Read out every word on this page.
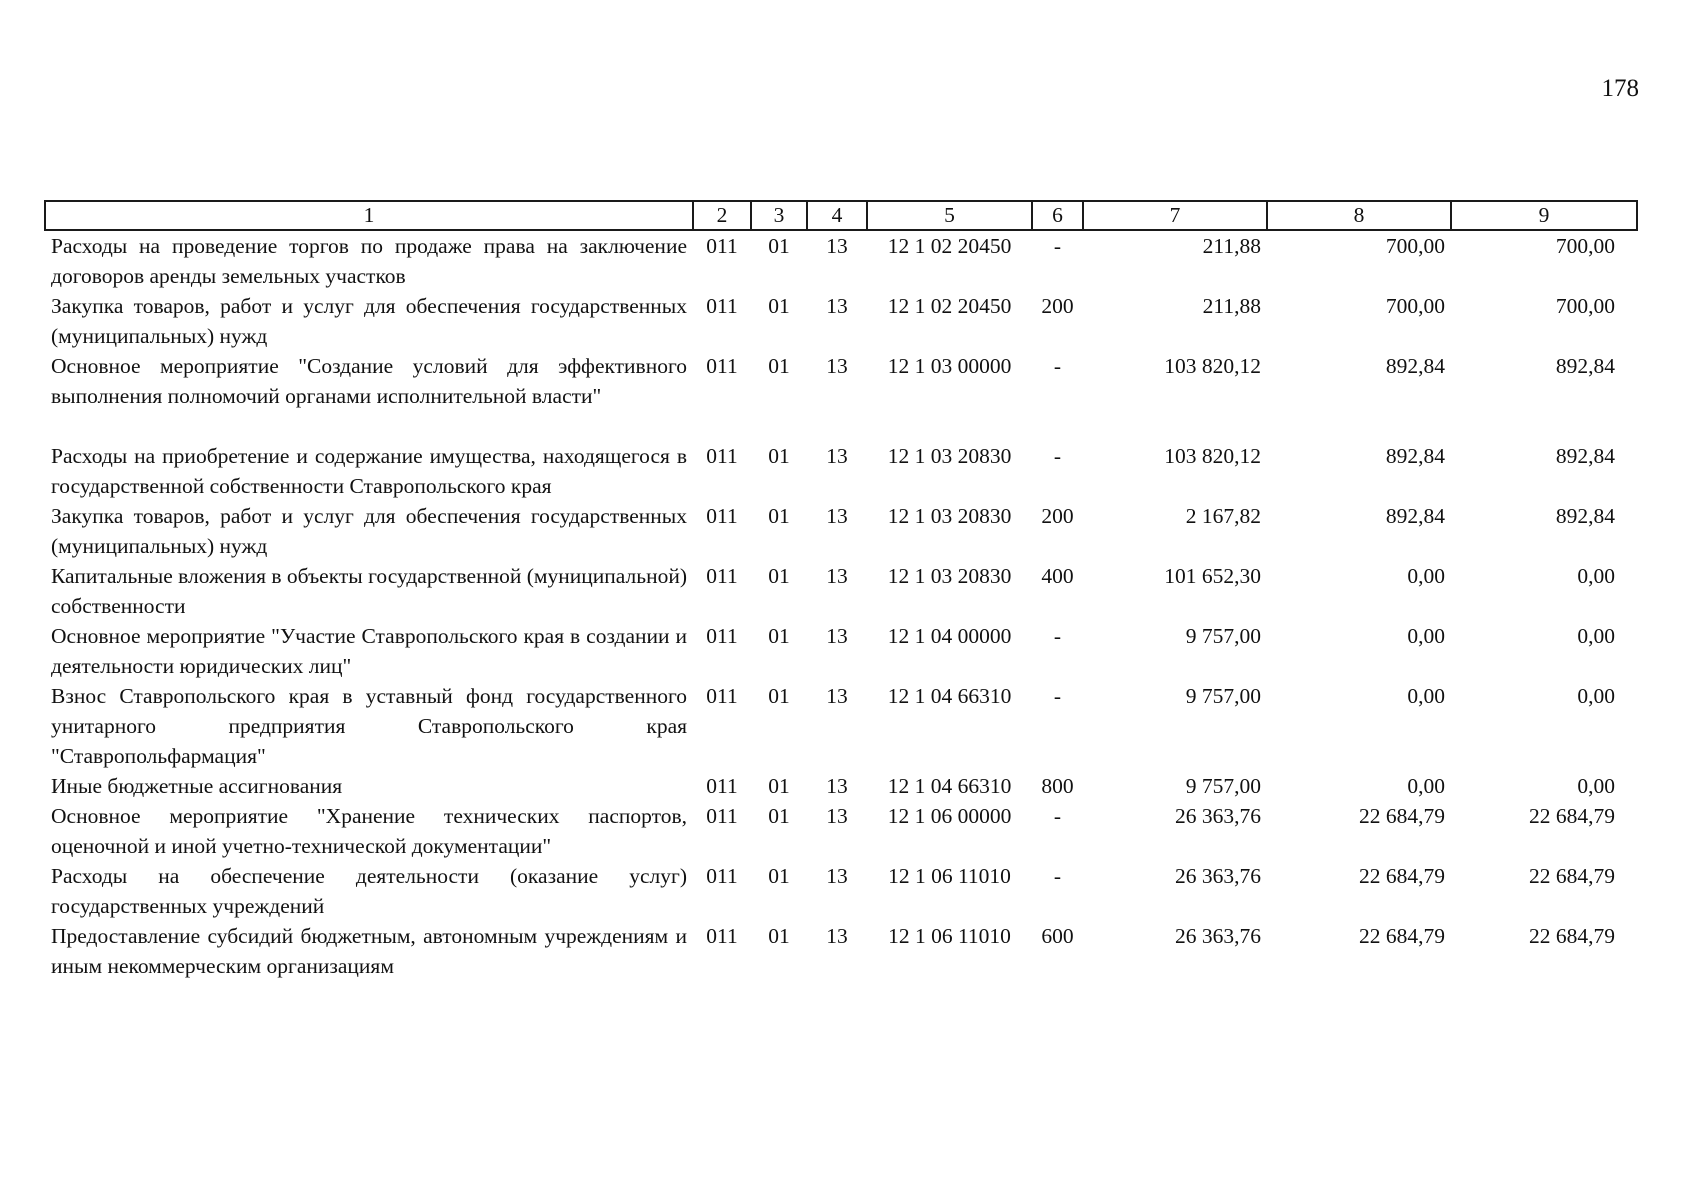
178
1	2	3	4	5	6	7	8	9
Расходы на проведение торгов по продаже права на заключение договоров аренды земельных участков	011	01	13	12 1 02 20450	-	211,88	700,00	700,00
Закупка товаров, работ и услуг для обеспечения государственных (муниципальных) нужд	011	01	13	12 1 02 20450	200	211,88	700,00	700,00
Основное мероприятие "Создание условий для эффективного выполнения полномочий органами исполнительной власти"	011	01	13	12 1 03 00000	-	103 820,12	892,84	892,84
Расходы на приобретение и содержание имущества, находящегося в государственной собственности Ставропольского края	011	01	13	12 1 03 20830	-	103 820,12	892,84	892,84
Закупка товаров, работ и услуг для обеспечения государственных (муниципальных) нужд	011	01	13	12 1 03 20830	200	2 167,82	892,84	892,84
Капитальные вложения в объекты государственной (муниципальной) собственности	011	01	13	12 1 03 20830	400	101 652,30	0,00	0,00
Основное мероприятие "Участие Ставропольского края в создании и деятельности юридических лиц"	011	01	13	12 1 04 00000	-	9 757,00	0,00	0,00
Взнос Ставропольского края в уставный фонд государственного унитарного предприятия Ставропольского края "Ставропольфармация"	011	01	13	12 1 04 66310	-	9 757,00	0,00	0,00
Иные бюджетные ассигнования	011	01	13	12 1 04 66310	800	9 757,00	0,00	0,00
Основное мероприятие "Хранение технических паспортов, оценочной и иной учетно-технической документации"	011	01	13	12 1 06 00000	-	26 363,76	22 684,79	22 684,79
Расходы на обеспечение деятельности (оказание услуг) государственных учреждений	011	01	13	12 1 06 11010	-	26 363,76	22 684,79	22 684,79
Предоставление субсидий бюджетным, автономным учреждениям и иным некоммерческим организациям	011	01	13	12 1 06 11010	600	26 363,76	22 684,79	22 684,79
